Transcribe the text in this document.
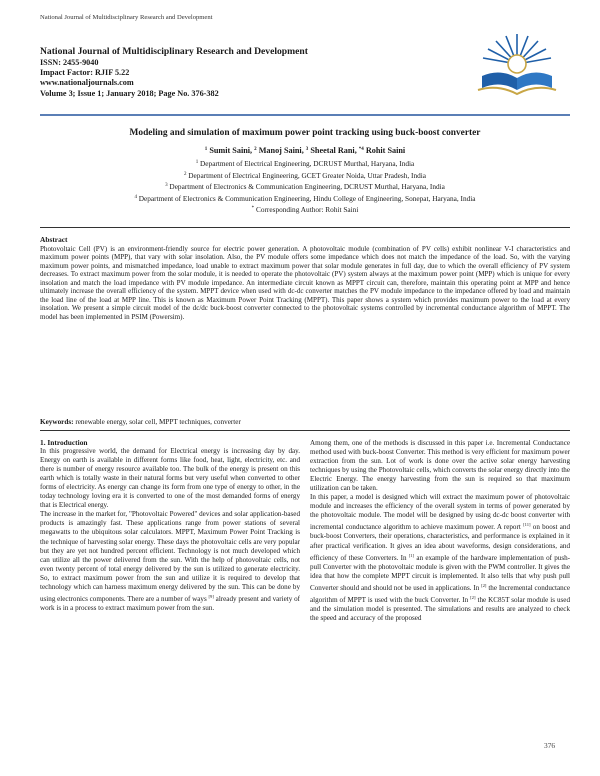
National Journal of Multidisciplinary Research and Development
National Journal of Multidisciplinary Research and Development
ISSN: 2455-9040
Impact Factor: RJIF 5.22
www.nationaljournals.com
Volume 3; Issue 1; January 2018; Page No. 376-382
Modeling and simulation of maximum power point tracking using buck-boost converter
$^1$ Sumit Saini, $^2$ Manoj Saini, $^3$ Sheetal Rani, $^{*4}$ Rohit Saini
$^1$ Department of Electrical Engineering, DCRUST Murthal, Haryana, India
$^2$ Department of Electrical Engineering, GCET Greater Noida, Uttar Pradesh, India
$^3$ Department of Electronics & Communication Engineering, DCRUST Murthal, Haryana, India
$^4$ Department of Electronics & Communication Engineering, Hindu College of Engineering, Sonepat, Haryana, India
* Corresponding Author: Rohit Saini
Abstract
Photovoltaic Cell (PV) is an environment-friendly source for electric power generation. A photovoltaic module (combination of PV cells) exhibit nonlinear V-I characteristics and maximum power points (MPP), that vary with solar insolation. Also, the PV module offers some impedance which does not match the impedance of the load. So, with the varying maximum power points, and mismatched impedance, load unable to extract maximum power that solar module generates in full day, due to which the overall efficiency of PV system decreases. To extract maximum power from the solar module, it is needed to operate the photovoltaic (PV) system always at the maximum power point (MPP) which is unique for every insolation and match the load impedance with PV module impedance. An intermediate circuit known as MPPT circuit can, therefore, maintain this operating point at MPP and hence ultimately increase the overall efficiency of the system. MPPT device when used with dc-dc converter matches the PV module impedance to the impedance offered by load and maintain the load line of the load at MPP line. This is known as Maximum Power Point Tracking (MPPT). This paper shows a system which provides maximum power to the load at every insolation. We present a simple circuit model of the dc/dc buck-boost converter connected to the photovoltaic systems controlled by incremental conductance algorithm of MPPT. The model has been implemented in PSIM (Powersim).
Keywords: renewable energy, solar cell, MPPT techniques, converter
1. Introduction
In this progressive world, the demand for Electrical energy is increasing day by day. Energy on earth is available in different forms like food, heat, light, electricity, etc. and there is number of energy resource available too. The bulk of the energy is present on this earth which is totally waste in their natural forms but very useful when converted to other forms of electricity. As energy can change its form from one type of energy to other, in the today technology loving era it is converted to one of the most demanded forms of energy that is Electrical energy.
The increase in the market for, "Photovoltaic Powered" devices and solar application-based products is amazingly fast. These applications range from power stations of several megawatts to the ubiquitous solar calculators. MPPT, Maximum Power Point Tracking is the technique of harvesting solar energy. These days the photovoltaic cells are very popular but they are yet not hundred percent efficient. Technology is not much developed which can utilize all the power delivered from the sun. With the help of photovoltaic cells, not even twenty percent of total energy delivered by the sun is utilized to generate electricity. So, to extract maximum power from the sun and utilize it is required to develop that technology which can harness maximum energy delivered by the sun. This can be done by using electronics components. There are a number of ways [9] already present and variety of work is in a process to extract maximum power from the sun.
Among them, one of the methods is discussed in this paper i.e. Incremental Conductance method used with buck-boost Converter. This method is very efficient for maximum power extraction from the sun. Lot of work is done over the active solar energy harvesting techniques by using the Photovoltaic cells, which converts the solar energy directly into the Electric Energy. The energy harvesting from the sun is required so that maximum utilization can be taken.
In this paper, a model is designed which will extract the maximum power of photovoltaic module and increases the efficiency of the overall system in terms of power generated by the photovoltaic module. The model will be designed by using dc-dc boost converter with incremental conductance algorithm to achieve maximum power. A report [11] on boost and buck-boost Converters, their operations, characteristics, and performance is explained in it after practical verification. It gives an idea about waveforms, design considerations, and efficiency of these Converters. In [1] an example of the hardware implementation of push-pull Converter with the photovoltaic module is given with the PWM controller. It gives the idea that how the complete MPPT circuit is implemented. It also tells that why push pull Converter should and should not be used in applications. In [2] the Incremental conductance algorithm of MPPT is used with the buck Converter. In [2] the KC85T solar module is used and the simulation model is presented. The simulations and results are analyzed to check the speed and accuracy of the proposed
376
